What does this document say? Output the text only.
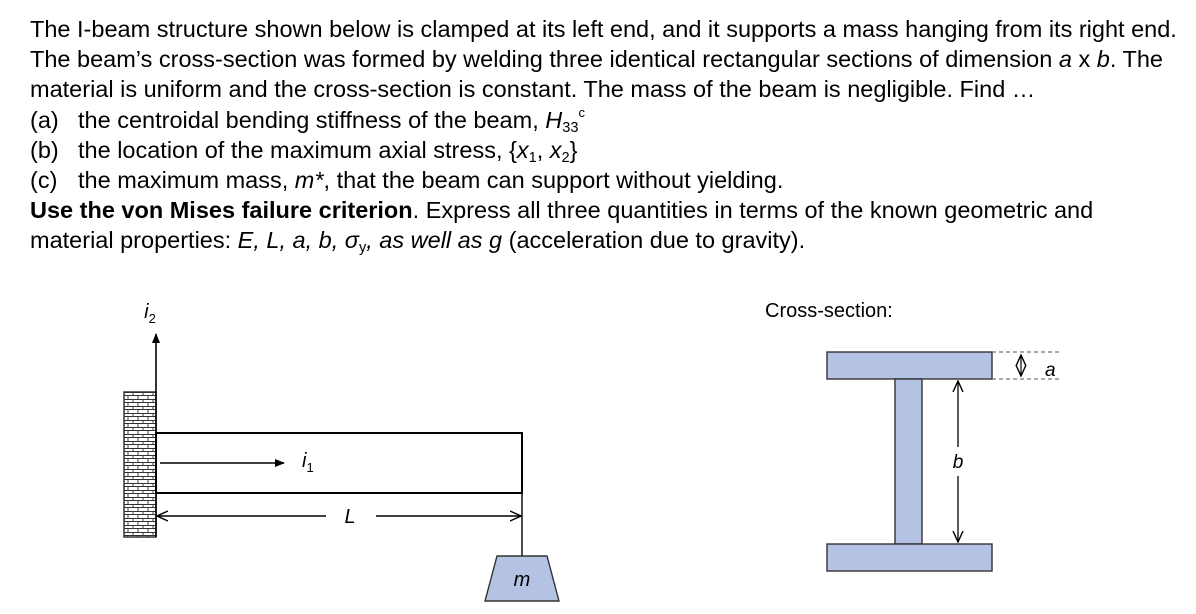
The I-beam structure shown below is clamped at its left end, and it supports a mass hanging from its right end. The beam’s cross-section was formed by welding three identical rectangular sections of dimension a x b. The material is uniform and the cross-section is constant. The mass of the beam is negligible. Find …

(a) the centroidal bending stiffness of the beam, $H_{33}^c$
(b) the location of the maximum axial stress, {$x_1$, $x_2$}
(c) the maximum mass, m*, that the beam can support without yielding.

Use the von Mises failure criterion. Express all three quantities in terms of the known geometric and material properties: E, L, a, b, $\sigma_y$, as well as g (acceleration due to gravity).

Cross-section:
$i_2$
$i_1$
L
m
a
b
